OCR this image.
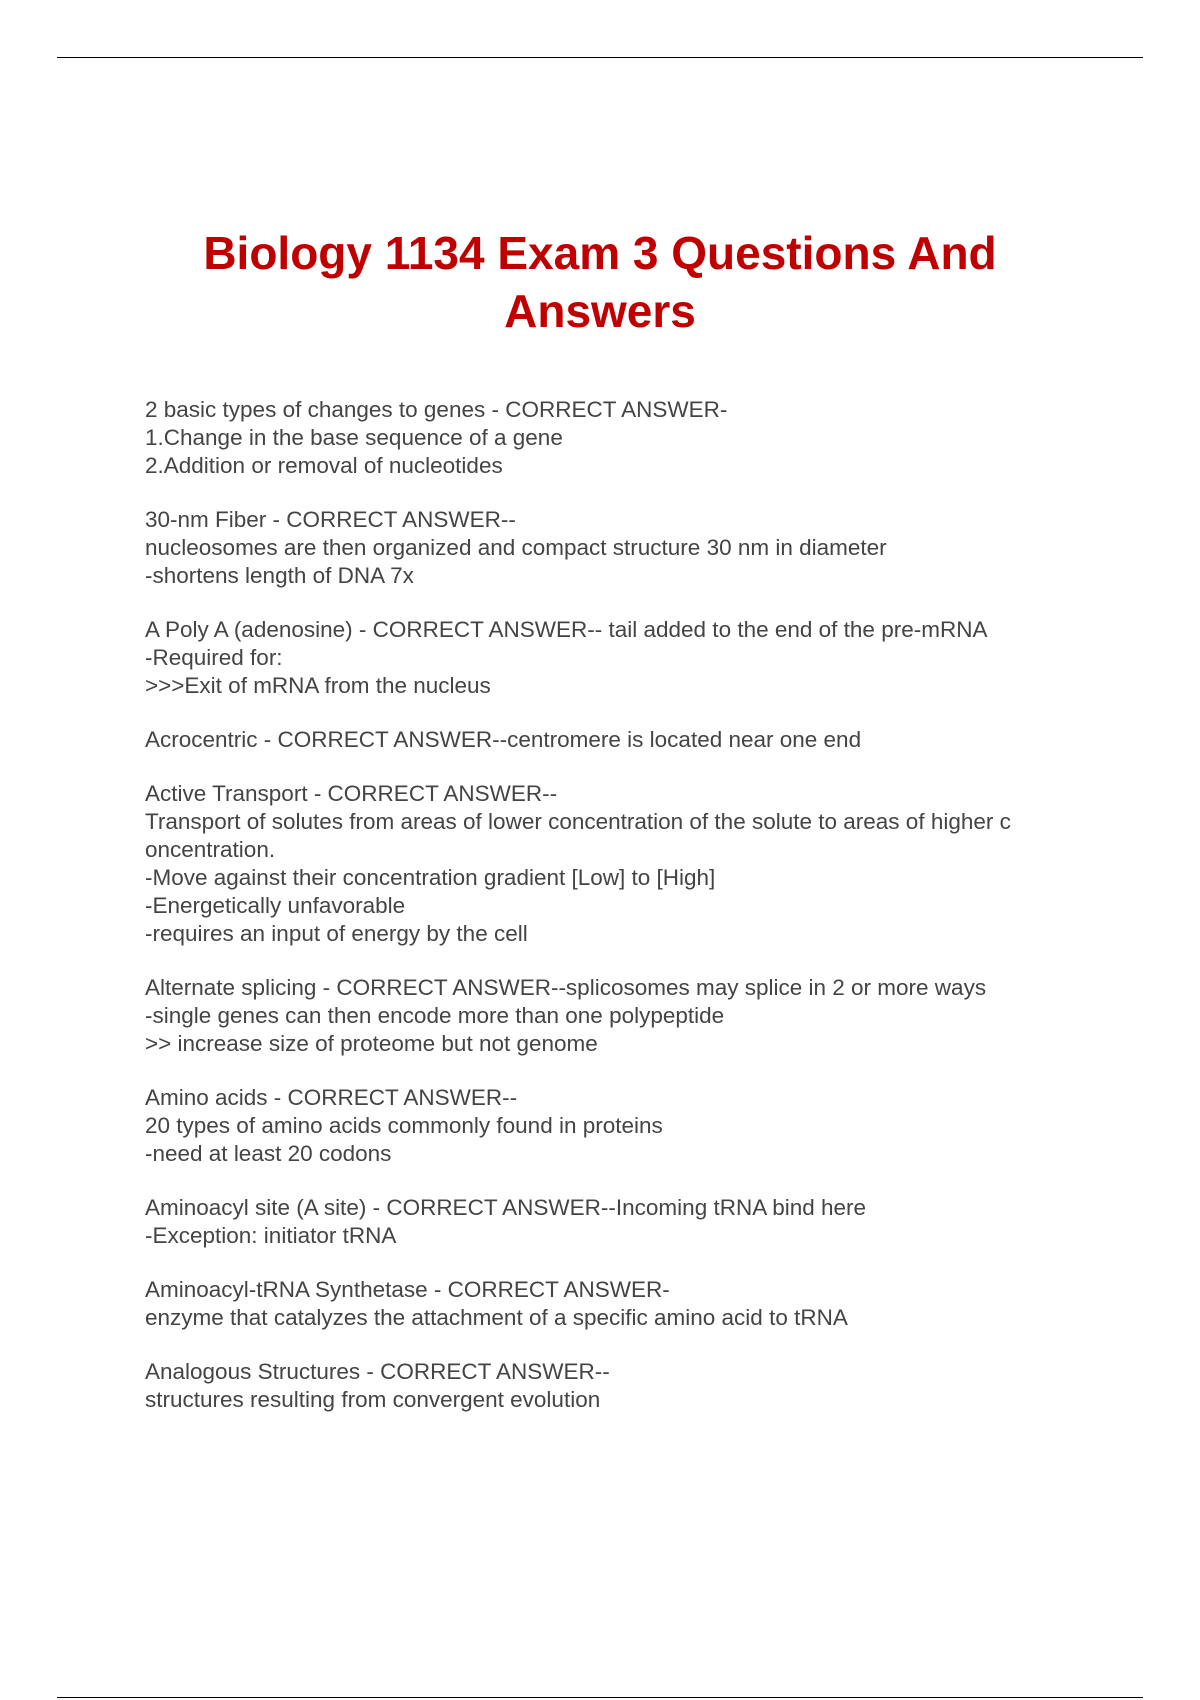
Biology 1134 Exam 3 Questions And
Answers
2 basic types of changes to genes - CORRECT ANSWER-
1.Change in the base sequence of a gene
2.Addition or removal of nucleotides
30-nm Fiber - CORRECT ANSWER--
nucleosomes are then organized and compact structure 30 nm in diameter
-shortens length of DNA 7x
A Poly A (adenosine) - CORRECT ANSWER-- tail added to the end of the pre-mRNA
-Required for:
>>>Exit of mRNA from the nucleus
Acrocentric - CORRECT ANSWER--centromere is located near one end
Active Transport - CORRECT ANSWER--
Transport of solutes from areas of lower concentration of the solute to areas of higher c
oncentration.
-Move against their concentration gradient [Low] to [High]
-Energetically unfavorable
-requires an input of energy by the cell
Alternate splicing - CORRECT ANSWER--splicosomes may splice in 2 or more ways
-single genes can then encode more than one polypeptide
>> increase size of proteome but not genome
Amino acids - CORRECT ANSWER--
20 types of amino acids commonly found in proteins
-need at least 20 codons
Aminoacyl site (A site) - CORRECT ANSWER--Incoming tRNA bind here
-Exception: initiator tRNA
Aminoacyl-tRNA Synthetase - CORRECT ANSWER-
enzyme that catalyzes the attachment of a specific amino acid to tRNA
Analogous Structures - CORRECT ANSWER--
structures resulting from convergent evolution
